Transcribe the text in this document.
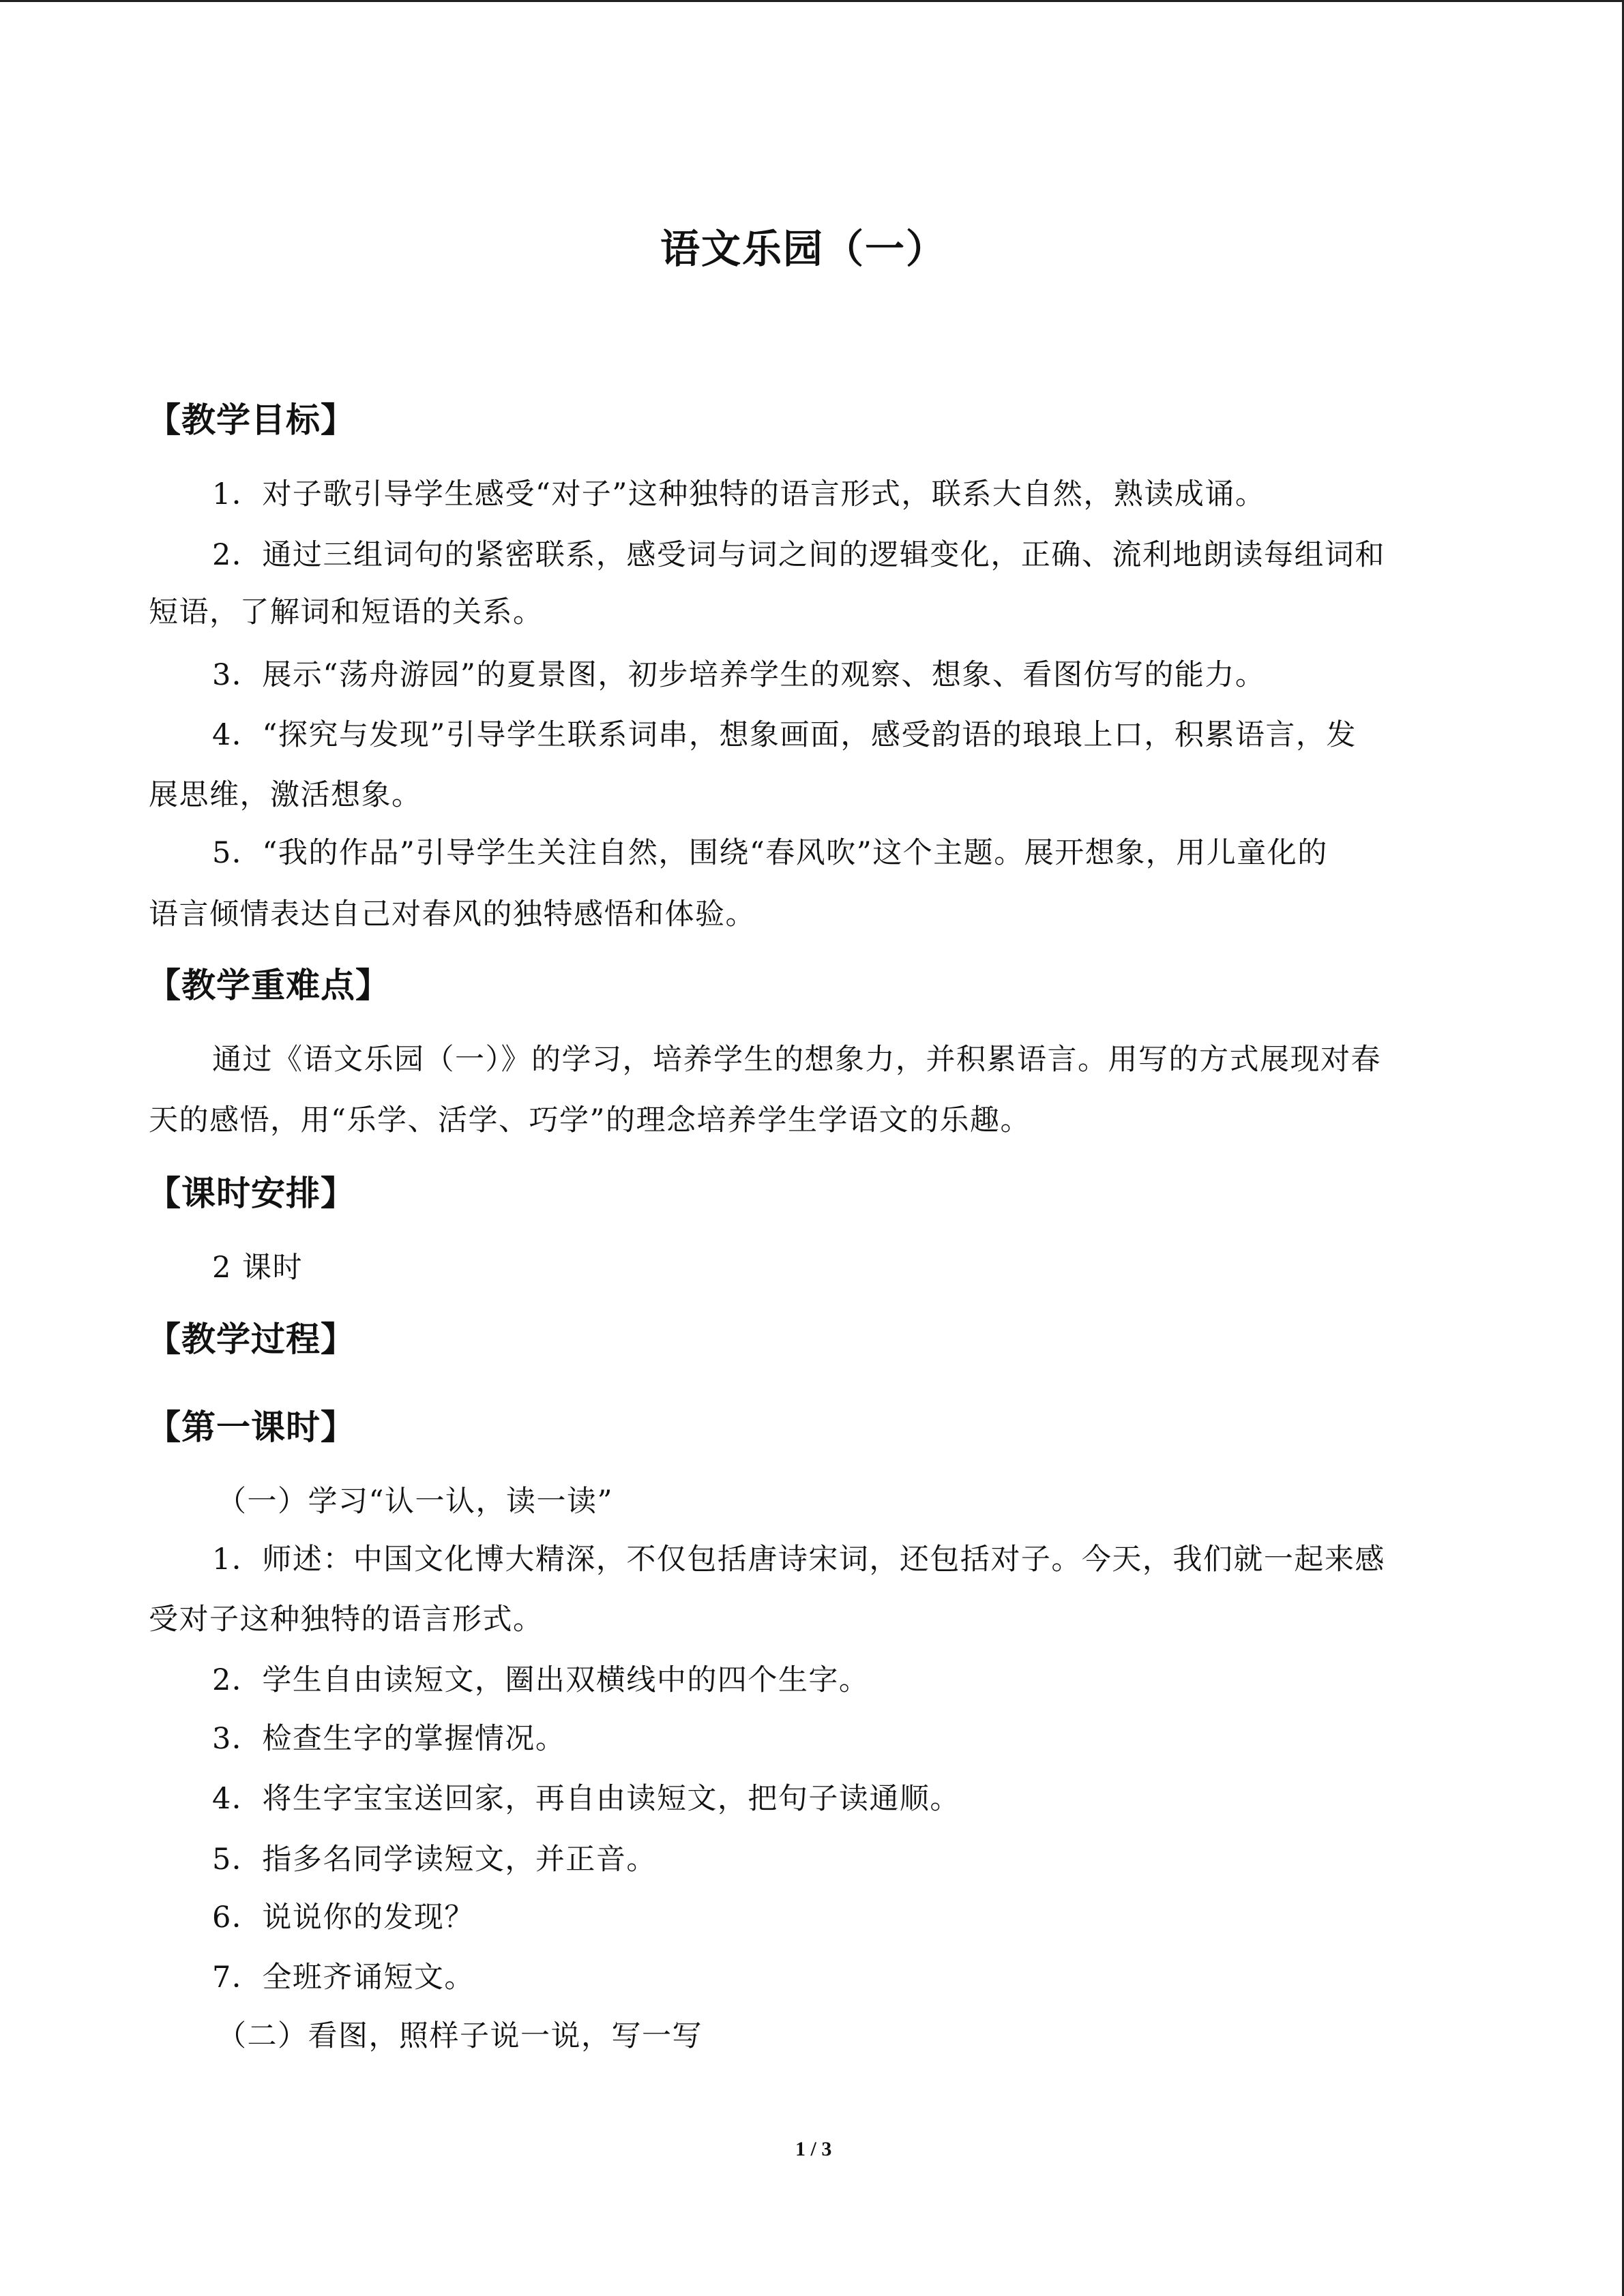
语文乐园（一）
【教学目标】
1．对子歌引导学生感受“对子”这种独特的语言形式，联系大自然，熟读成诵。
2．通过三组词句的紧密联系，感受词与词之间的逻辑变化，正确、流利地朗读每组词和
短语，了解词和短语的关系。
3．展示“荡舟游园”的夏景图，初步培养学生的观察、想象、看图仿写的能力。
4．“探究与发现”引导学生联系词串，想象画面，感受韵语的琅琅上口，积累语言，发
展思维，激活想象。
5．“我的作品”引导学生关注自然，围绕“春风吹”这个主题。展开想象，用儿童化的
语言倾情表达自己对春风的独特感悟和体验。
【教学重难点】
通过《语文乐园（一）》的学习，培养学生的想象力，并积累语言。用写的方式展现对春
天的感悟，用“乐学、活学、巧学”的理念培养学生学语文的乐趣。
【课时安排】
2 课时
【教学过程】
【第一课时】
（一）学习“认一认，读一读”
1．师述：中国文化博大精深，不仅包括唐诗宋词，还包括对子。今天，我们就一起来感
受对子这种独特的语言形式。
2．学生自由读短文，圈出双横线中的四个生字。
3．检查生字的掌握情况。
4．将生字宝宝送回家，再自由读短文，把句子读通顺。
5．指多名同学读短文，并正音。
6．说说你的发现？
7．全班齐诵短文。
（二）看图，照样子说一说，写一写
1 / 3
